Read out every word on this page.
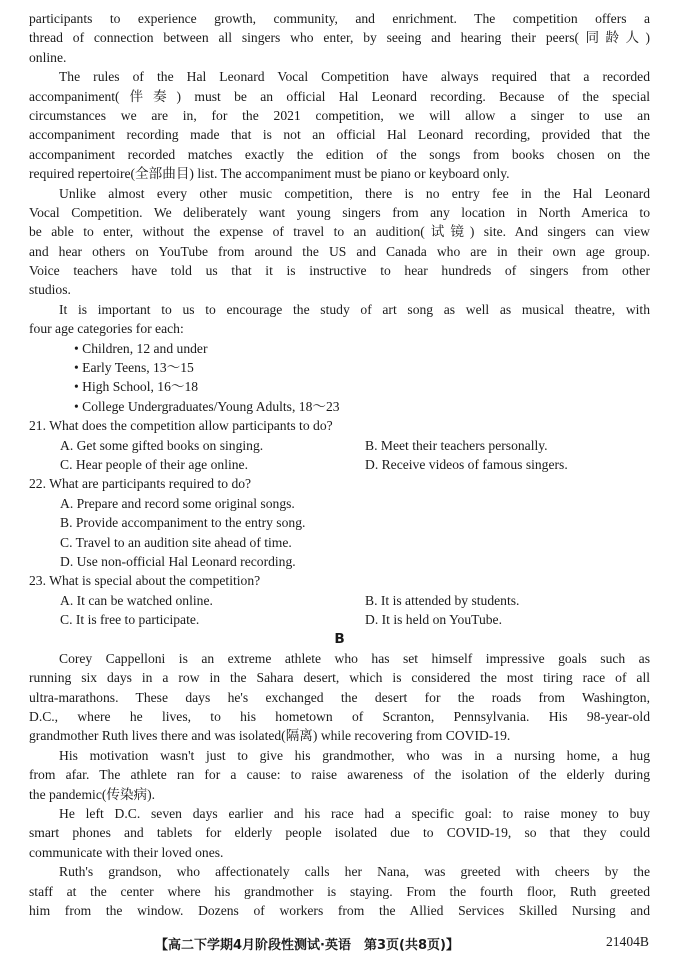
participants to experience growth, community, and enrichment. The competition offers a
thread of connection between all singers who enter, by seeing and hearing their peers(同龄人)
online.
The rules of the Hal Leonard Vocal Competition have always required that a recorded
accompaniment(伴奏) must be an official Hal Leonard recording. Because of the special
circumstances we are in, for the 2021 competition, we will allow a singer to use an
accompaniment recording made that is not an official Hal Leonard recording, provided that the
accompaniment recorded matches exactly the edition of the songs from books chosen on the
required repertoire(全部曲目) list. The accompaniment must be piano or keyboard only.
Unlike almost every other music competition, there is no entry fee in the Hal Leonard
Vocal Competition. We deliberately want young singers from any location in North America to
be able to enter, without the expense of travel to an audition(试镜) site. And singers can view
and hear others on YouTube from around the US and Canada who are in their own age group.
Voice teachers have told us that it is instructive to hear hundreds of singers from other
studios.
It is important to us to encourage the study of art song as well as musical theatre, with
four age categories for each:
• Children, 12 and under
• Early Teens, 13～15
• High School, 16～18
• College Undergraduates/Young Adults, 18～23
21. What does the competition allow participants to do?
A. Get some gifted books on singing.	B. Meet their teachers personally.
C. Hear people of their age online.	D. Receive videos of famous singers.
22. What are participants required to do?
A. Prepare and record some original songs.
B. Provide accompaniment to the entry song.
C. Travel to an audition site ahead of time.
D. Use non-official Hal Leonard recording.
23. What is special about the competition?
A. It can be watched online.	B. It is attended by students.
C. It is free to participate.	D. It is held on YouTube.
B
Corey Cappelloni is an extreme athlete who has set himself impressive goals such as
running six days in a row in the Sahara desert, which is considered the most tiring race of all
ultra-marathons. These days he's exchanged the desert for the roads from Washington,
D.C., where he lives, to his hometown of Scranton, Pennsylvania. His 98-year-old
grandmother Ruth lives there and was isolated(隔离) while recovering from COVID-19.
His motivation wasn't just to give his grandmother, who was in a nursing home, a hug
from afar. The athlete ran for a cause: to raise awareness of the isolation of the elderly during
the pandemic(传染病).
He left D.C. seven days earlier and his race had a specific goal: to raise money to buy
smart phones and tablets for elderly people isolated due to COVID-19, so that they could
communicate with their loved ones.
Ruth's grandson, who affectionately calls her Nana, was greeted with cheers by the
staff at the center where his grandmother is staying. From the fourth floor, Ruth greeted
him from the window. Dozens of workers from the Allied Services Skilled Nursing and
【高二下学期4月阶段性测试·英语　第3页(共8页)】	21404B
